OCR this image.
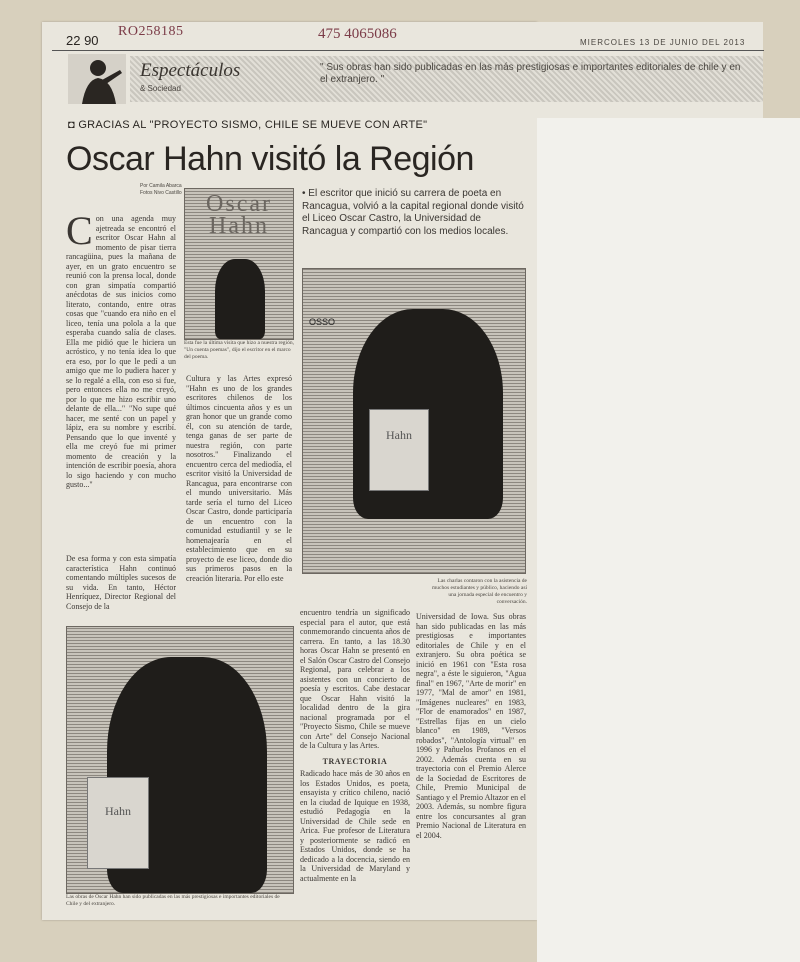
22 90
RO258185	475 4065086
MIERCOLES 13 DE JUNIO DEL 2013
Espectáculos
& Sociedad
" Sus obras han sido publicadas en las más prestigiosas e importantes editoriales de chile y en el extranjero. "
◘ GRACIAS AL "PROYECTO SISMO, CHILE SE MUEVE CON ARTE"
Oscar Hahn visitó la Región
Por Camila Abarca
Fotos Nivo Castillo	• El escritor que inició su carrera de poeta en Rancagua, volvió a la capital regional donde visitó el Liceo Oscar Castro, la Universidad de Rancagua y compartió con los medios locales.
Con una agenda muy ajetreada se encontró el escritor Oscar Hahn al momento de pisar tierra rancagüina, pues la mañana de ayer, en un grato encuentro se reunió con la prensa local, donde con gran simpatía compartió anécdotas de sus inicios como literato, contando, entre otras cosas que "cuando era niño en el liceo, tenía una polola a la que esperaba cuando salía de clases. Ella me pidió que le hiciera un acróstico, y no tenía idea lo que era eso, por lo que le pedí a un amigo que me lo pudiera hacer y se lo regalé a ella, con eso si fue, pero entonces ella no me creyó, por lo que me hizo escribir uno delante de ella..." "No supe qué hacer, me senté con un papel y lápiz, era su nombre y escribí. Pensando que lo que inventé y ella me creyó fue mi primer momento de creación y la intención de escribir poesía, ahora lo sigo haciendo y con mucho gusto..."
De esa forma y con esta simpatía característica Hahn continuó comentando múltiples sucesos de su vida. En tanto, Héctor Henríquez, Director Regional del Consejo de la
Cultura y las Artes expresó "Hahn es uno de los grandes escritores chilenos de los últimos cincuenta años y es un gran honor que un grande como él, con su atención de tarde, tenga ganas de ser parte de nuestra región, con parte nosotros." Finalizando el encuentro cerca del mediodía, el escritor visitó la Universidad de Rancagua, para encontrarse con el mundo universitario. Más tarde sería el turno del Liceo Oscar Castro, donde participaría de un encuentro con la comunidad estudiantil y se le homenajearía en el establecimiento que en su proyecto de ese liceo, donde dio sus primeros pasos en la creación literaria. Por ello este
encuentro tendría un significado especial para el autor, que está conmemorando cincuenta años de carrera. En tanto, a las 18.30 horas Oscar Hahn se presentó en el Salón Oscar Castro del Consejo Regional, para celebrar a los asistentes con un concierto de poesía y escritos. Cabe destacar que Oscar Hahn visitó la localidad dentro de la gira nacional programada por el "Proyecto Sismo, Chile se mueve con Arte" del Consejo Nacional de la Cultura y las Artes.
TRAYECTORIA
Radicado hace más de 30 años en los Estados Unidos, es poeta, ensayista y crítico chileno, nació en la ciudad de Iquique en 1938, estudió Pedagogía en la Universidad de Chile sede en Arica. Fue profesor de Literatura y posteriormente se radicó en Estados Unidos, donde se ha dedicado a la docencia, siendo en la Universidad de Maryland y actualmente en la
Universidad de Iowa. Sus obras han sido publicadas en las más prestigiosas e importantes editoriales de Chile y en el extranjero. Su obra poética se inició en 1961 con "Esta rosa negra", a éste le siguieron, "Agua final" en 1967, "Arte de morir" en 1977, "Mal de amor" en 1981, "Imágenes nucleares" en 1983, "Flor de enamorados" en 1987, "Estrellas fijas en un cielo blanco" en 1989, "Versos robados", "Antología virtual" en 1996 y Pañuelos Profanos en el 2002. Además cuenta en su trayectoria con el Premio Alerce de la Sociedad de Escritores de Chile, Premio Municipal de Santiago y el Premio Altazor en el 2003. Además, su nombre figura entre los concursantes al gran Premio Nacional de Literatura en el 2004.
Oscar Hahn
Esta fue la última visita que hizo a nuestra región, "Un cuenta poemas", dijo el escritor en el marco del poema.
Hahn
OSSO
Las charlas contaron con la asistencia de muchos estudiantes y público, haciendo así una jornada especial de encuentro y conversación.
Hahn
Las obras de Oscar Hahn han sido publicadas en las más prestigiosas e importantes editoriales de Chile y del extranjero.
